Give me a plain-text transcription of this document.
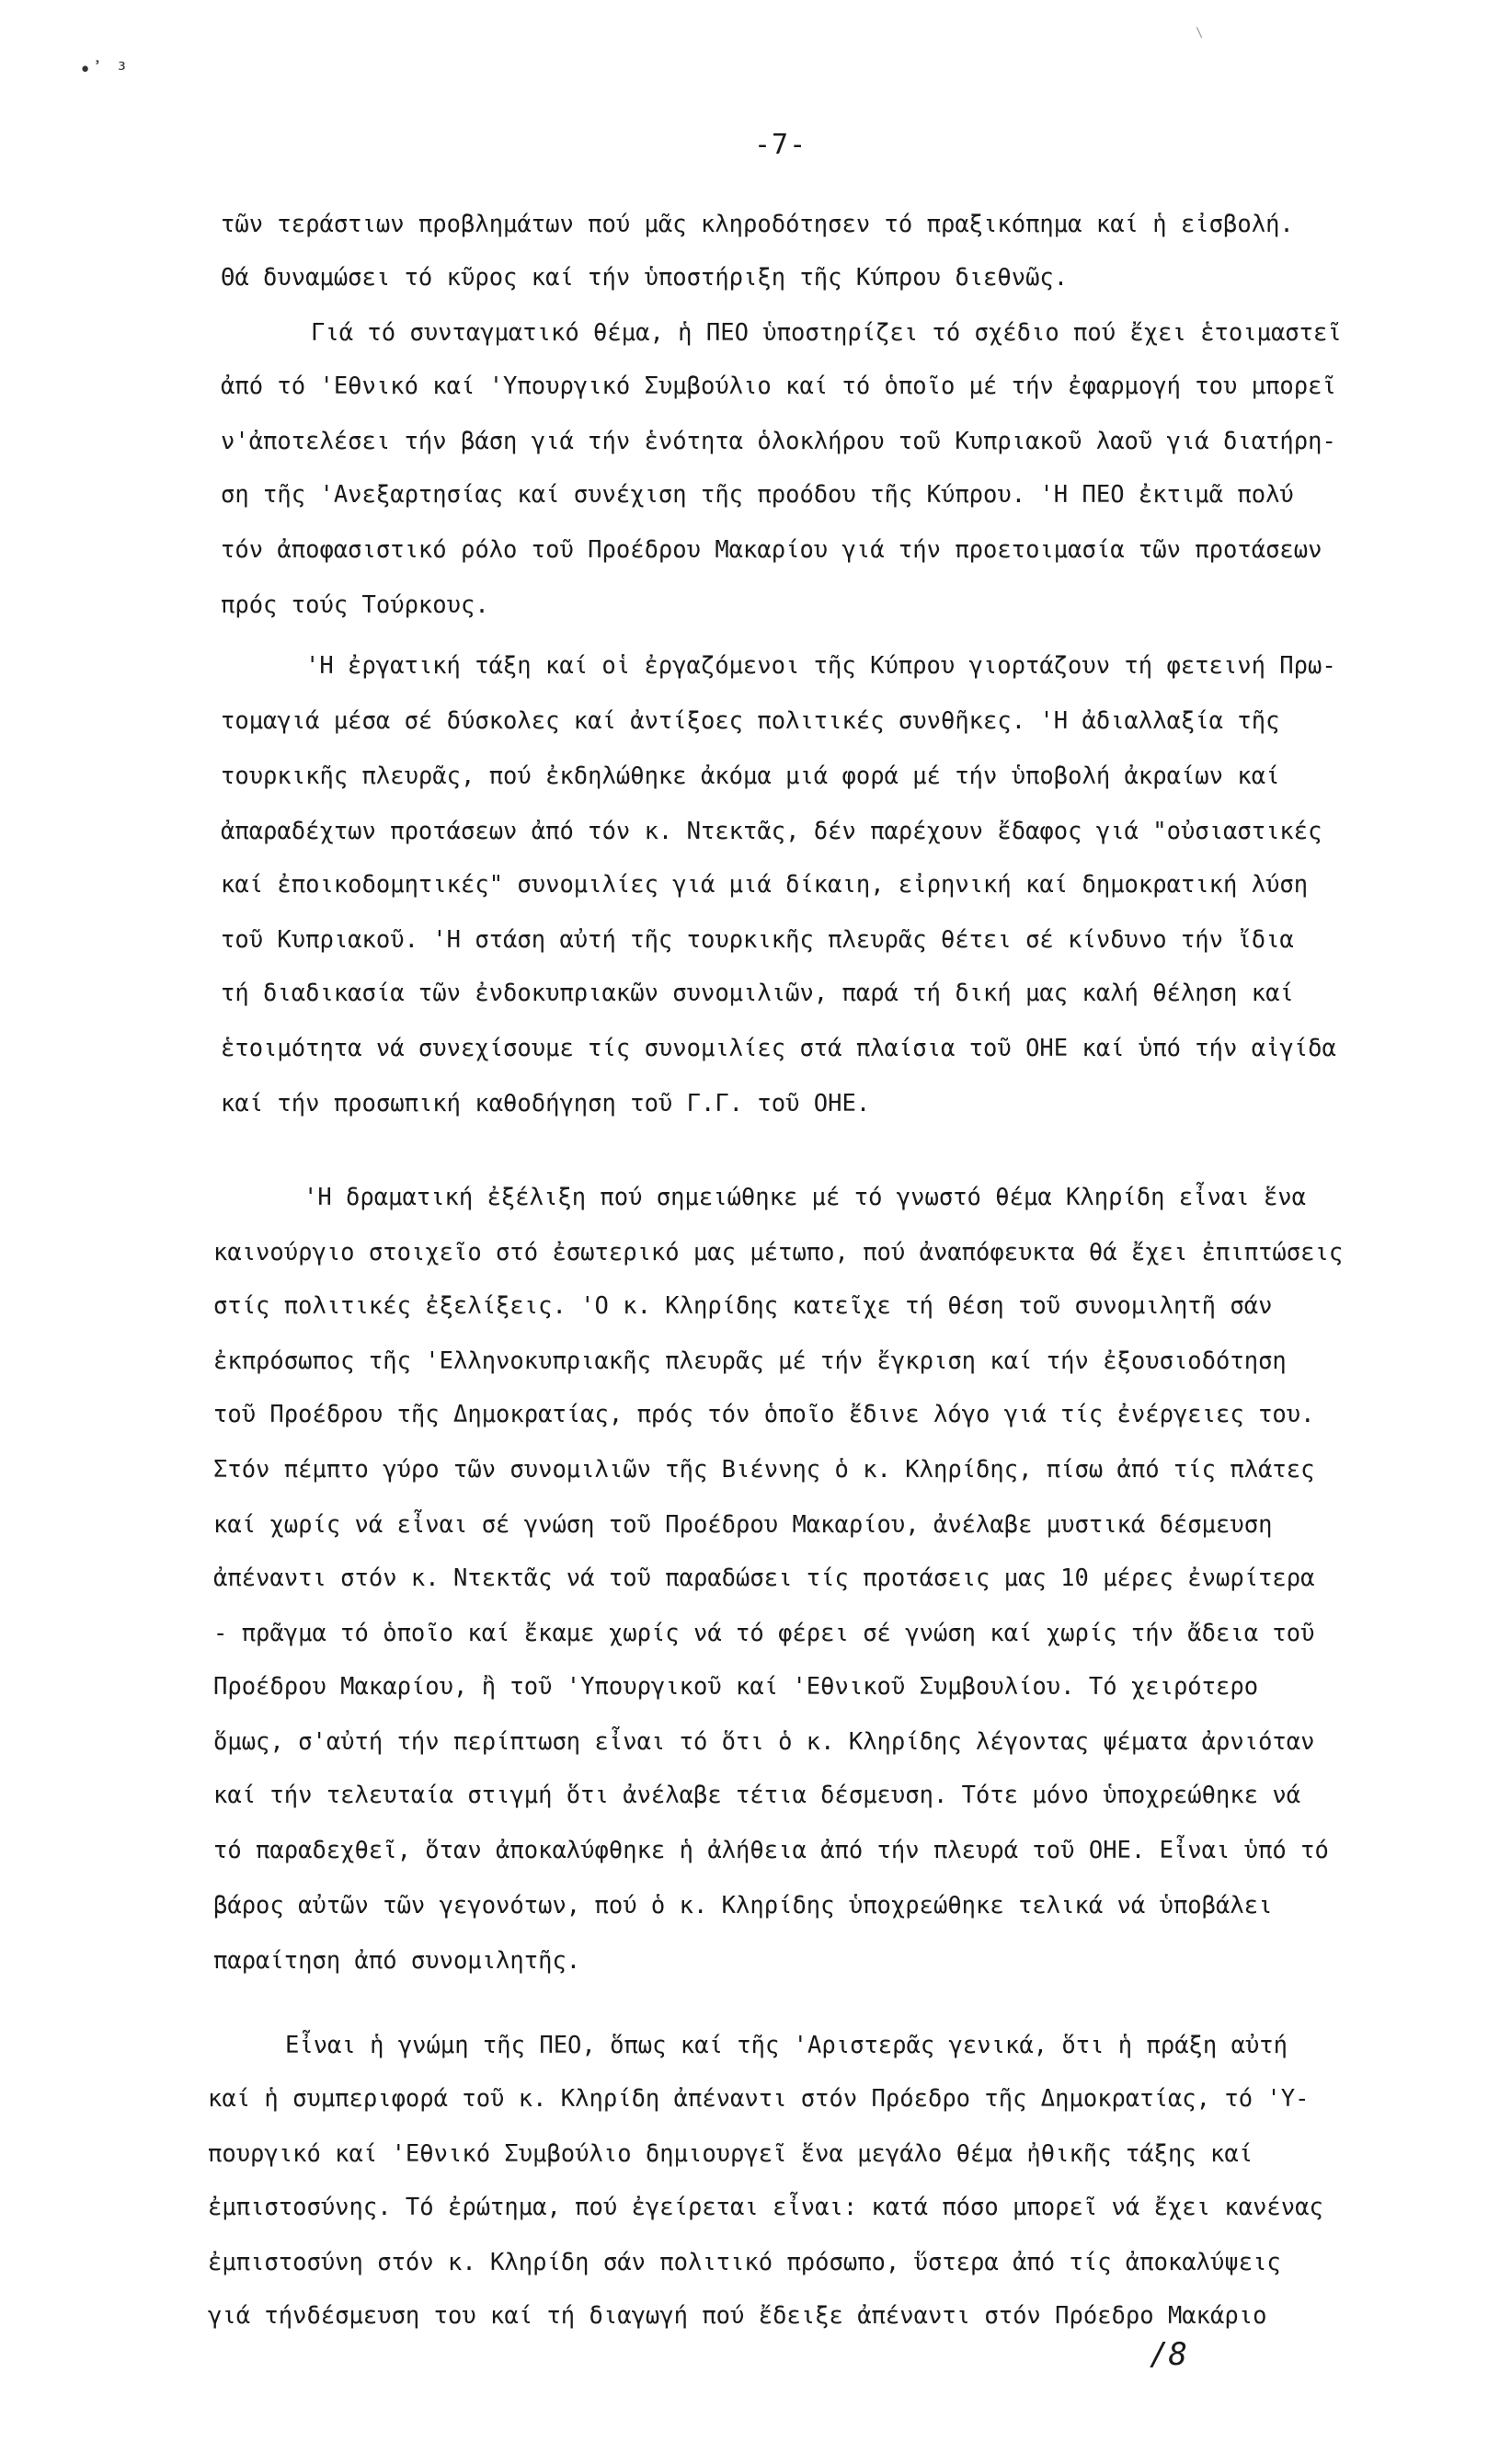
•᾽ ³
\
-7-
τῶν τεράστιων προβλημάτων πού μᾶς κληροδότησεν τό πραξικόπημα καί ἡ εἰσβολή.
Θά δυναμώσει τό κῦρος καί τήν ὑποστήριξη τῆς Κύπρου διεθνῶς.
Γιά τό συνταγματικό θέμα, ἡ ΠΕΟ ὑποστηρίζει τό σχέδιο πού ἔχει ἑτοιμαστεῖ
ἀπό τό 'Εθνικό καί 'Υπουργικό Συμβούλιο καί τό ὁποῖο μέ τήν ἐφαρμογή του μπορεῖ
ν'ἀποτελέσει τήν βάση γιά τήν ἑνότητα ὁλοκλήρου τοῦ Κυπριακοῦ λαοῦ γιά διατήρη-
ση τῆς 'Ανεξαρτησίας καί συνέχιση τῆς προόδου τῆς Κύπρου. 'Η ΠΕΟ ἐκτιμᾶ πολύ
τόν ἀποφασιστικό ρόλο τοῦ Προέδρου Μακαρίου γιά τήν προετοιμασία τῶν προτάσεων
πρός τούς Τούρκους.
'Η ἐργατική τάξη καί οἱ ἐργαζόμενοι τῆς Κύπρου γιορτάζουν τή φετεινή Πρω-
τομαγιά μέσα σέ δύσκολες καί ἀντίξοες πολιτικές συνθῆκες. 'Η ἀδιαλλαξία τῆς
τουρκικῆς πλευρᾶς, πού ἐκδηλώθηκε ἀκόμα μιά φορά μέ τήν ὑποβολή ἀκραίων καί
ἀπαραδέχτων προτάσεων ἀπό τόν κ. Ντεκτᾶς, δέν παρέχουν ἔδαφος γιά "οὐσιαστικές
καί ἐποικοδομητικές" συνομιλίες γιά μιά δίκαιη, εἰρηνική καί δημοκρατική λύση
τοῦ Κυπριακοῦ. 'Η στάση αὐτή τῆς τουρκικῆς πλευρᾶς θέτει σέ κίνδυνο τήν ἴδια
τή διαδικασία τῶν ἐνδοκυπριακῶν συνομιλιῶν, παρά τή δική μας καλή θέληση καί
ἑτοιμότητα νά συνεχίσουμε τίς συνομιλίες στά πλαίσια τοῦ ΟΗΕ καί ὑπό τήν αἰγίδα
καί τήν προσωπική καθοδήγηση τοῦ Γ.Γ. τοῦ ΟΗΕ.
'Η δραματική ἐξέλιξη πού σημειώθηκε μέ τό γνωστό θέμα Κληρίδη εἶναι ἕνα
καινούργιο στοιχεῖο στό ἐσωτερικό μας μέτωπο, πού ἀναπόφευκτα θά ἔχει ἐπιπτώσεις
στίς πολιτικές ἐξελίξεις. 'Ο κ. Κληρίδης κατεῖχε τή θέση τοῦ συνομιλητῆ σάν
ἐκπρόσωπος τῆς 'Ελληνοκυπριακῆς πλευρᾶς μέ τήν ἔγκριση καί τήν ἐξουσιοδότηση
τοῦ Προέδρου τῆς Δημοκρατίας, πρός τόν ὁποῖο ἔδινε λόγο γιά τίς ἐνέργειες του.
Στόν πέμπτο γύρο τῶν συνομιλιῶν τῆς Βιέννης ὁ κ. Κληρίδης, πίσω ἀπό τίς πλάτες
καί χωρίς νά εἶναι σέ γνώση τοῦ Προέδρου Μακαρίου, ἀνέλαβε μυστικά δέσμευση
ἀπέναντι στόν κ. Ντεκτᾶς νά τοῦ παραδώσει τίς προτάσεις μας 10 μέρες ἐνωρίτερα
- πρᾶγμα τό ὁποῖο καί ἔκαμε χωρίς νά τό φέρει σέ γνώση καί χωρίς τήν ἄδεια τοῦ
Προέδρου Μακαρίου, ἢ τοῦ 'Υπουργικοῦ καί 'Εθνικοῦ Συμβουλίου. Τό χειρότερο
ὅμως, σ'αὐτή τήν περίπτωση εἶναι τό ὅτι ὁ κ. Κληρίδης λέγοντας ψέματα ἀρνιόταν
καί τήν τελευταία στιγμή ὅτι ἀνέλαβε τέτια δέσμευση. Τότε μόνο ὑποχρεώθηκε νά
τό παραδεχθεῖ, ὅταν ἀποκαλύφθηκε ἡ ἀλήθεια ἀπό τήν πλευρά τοῦ ΟΗΕ. Εἶναι ὑπό τό
βάρος αὐτῶν τῶν γεγονότων, πού ὁ κ. Κληρίδης ὑποχρεώθηκε τελικά νά ὑποβάλει
παραίτηση ἀπό συνομιλητῆς.
Εἶναι ἡ γνώμη τῆς ΠΕΟ, ὅπως καί τῆς 'Αριστερᾶς γενικά, ὅτι ἡ πράξη αὐτή
καί ἡ συμπεριφορά τοῦ κ. Κληρίδη ἀπέναντι στόν Πρόεδρο τῆς Δημοκρατίας, τό 'Υ-
πουργικό καί 'Εθνικό Συμβούλιο δημιουργεῖ ἕνα μεγάλο θέμα ἠθικῆς τάξης καί
ἐμπιστοσύνης. Τό ἐρώτημα, πού ἐγείρεται εἶναι: κατά πόσο μπορεῖ νά ἔχει κανένας
ἐμπιστοσύνη στόν κ. Κληρίδη σάν πολιτικό πρόσωπο, ὕστερα ἀπό τίς ἀποκαλύψεις
γιά τήνδέσμευση του καί τή διαγωγή πού ἔδειξε ἀπέναντι στόν Πρόεδρο Μακάριο
/8
